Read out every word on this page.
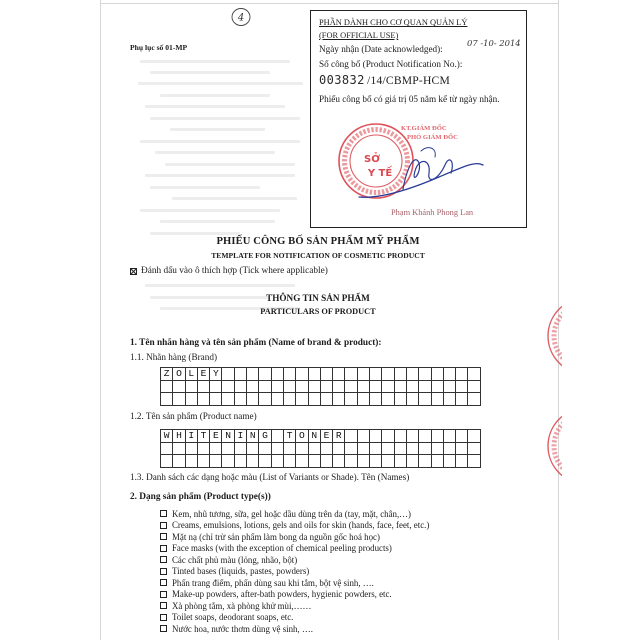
Phụ lục số 01-MP
4	PHẦN DÀNH CHO CƠ QUAN QUẢN LÝ
(FOR OFFICIAL USE)
Ngày nhận (Date acknowledged):
07 -10- 2014
Số công bố (Product Notification No.):
003832 /14/CBMP-HCM
Phiếu công bố có giá trị 05 năm kể từ ngày nhận.
KT.GIÁM ĐỐC
PHÓ GIÁM ĐỐC
SỞ
Y TẾ
Phạm Khánh Phong Lan
PHIẾU CÔNG BỐ SẢN PHẨM MỸ PHẨM
TEMPLATE FOR NOTIFICATION OF COSMETIC PRODUCT
Đánh dấu vào ô thích hợp (Tick where applicable)
THÔNG TIN SẢN PHẨM
PARTICULARS OF PRODUCT
1. Tên nhãn hàng và tên sản phẩm (Name of brand & product):
1.1. Nhãn hàng (Brand)
Z O L E Y
1.2. Tên sản phẩm (Product name)
W H I T E N I N G	T O N E R
1.3. Danh sách các dạng hoặc màu (List of Variants or Shade). Tên (Names)
2. Dạng sản phẩm (Product type(s))
Kem, nhũ tương, sữa, gel hoặc dầu dùng trên da (tay, mặt, chân,…)
Creams, emulsions, lotions, gels and oils for skin (hands, face, feet, etc.)
Mặt nạ (chỉ trừ sản phẩm làm bong da nguồn gốc hoá học)
Face masks (with the exception of chemical peeling products)
Các chất phủ màu (lỏng, nhão, bột)
Tinted bases (liquids, pastes, powders)
Phấn trang điểm, phấn dùng sau khi tắm, bột vệ sinh, ….
Make-up powders, after-bath powders, hygienic powders, etc.
Xà phòng tắm, xà phòng khử mùi,……
Toilet soaps, deodorant soaps, etc.
Nước hoa, nước thơm dùng vệ sinh, ….
